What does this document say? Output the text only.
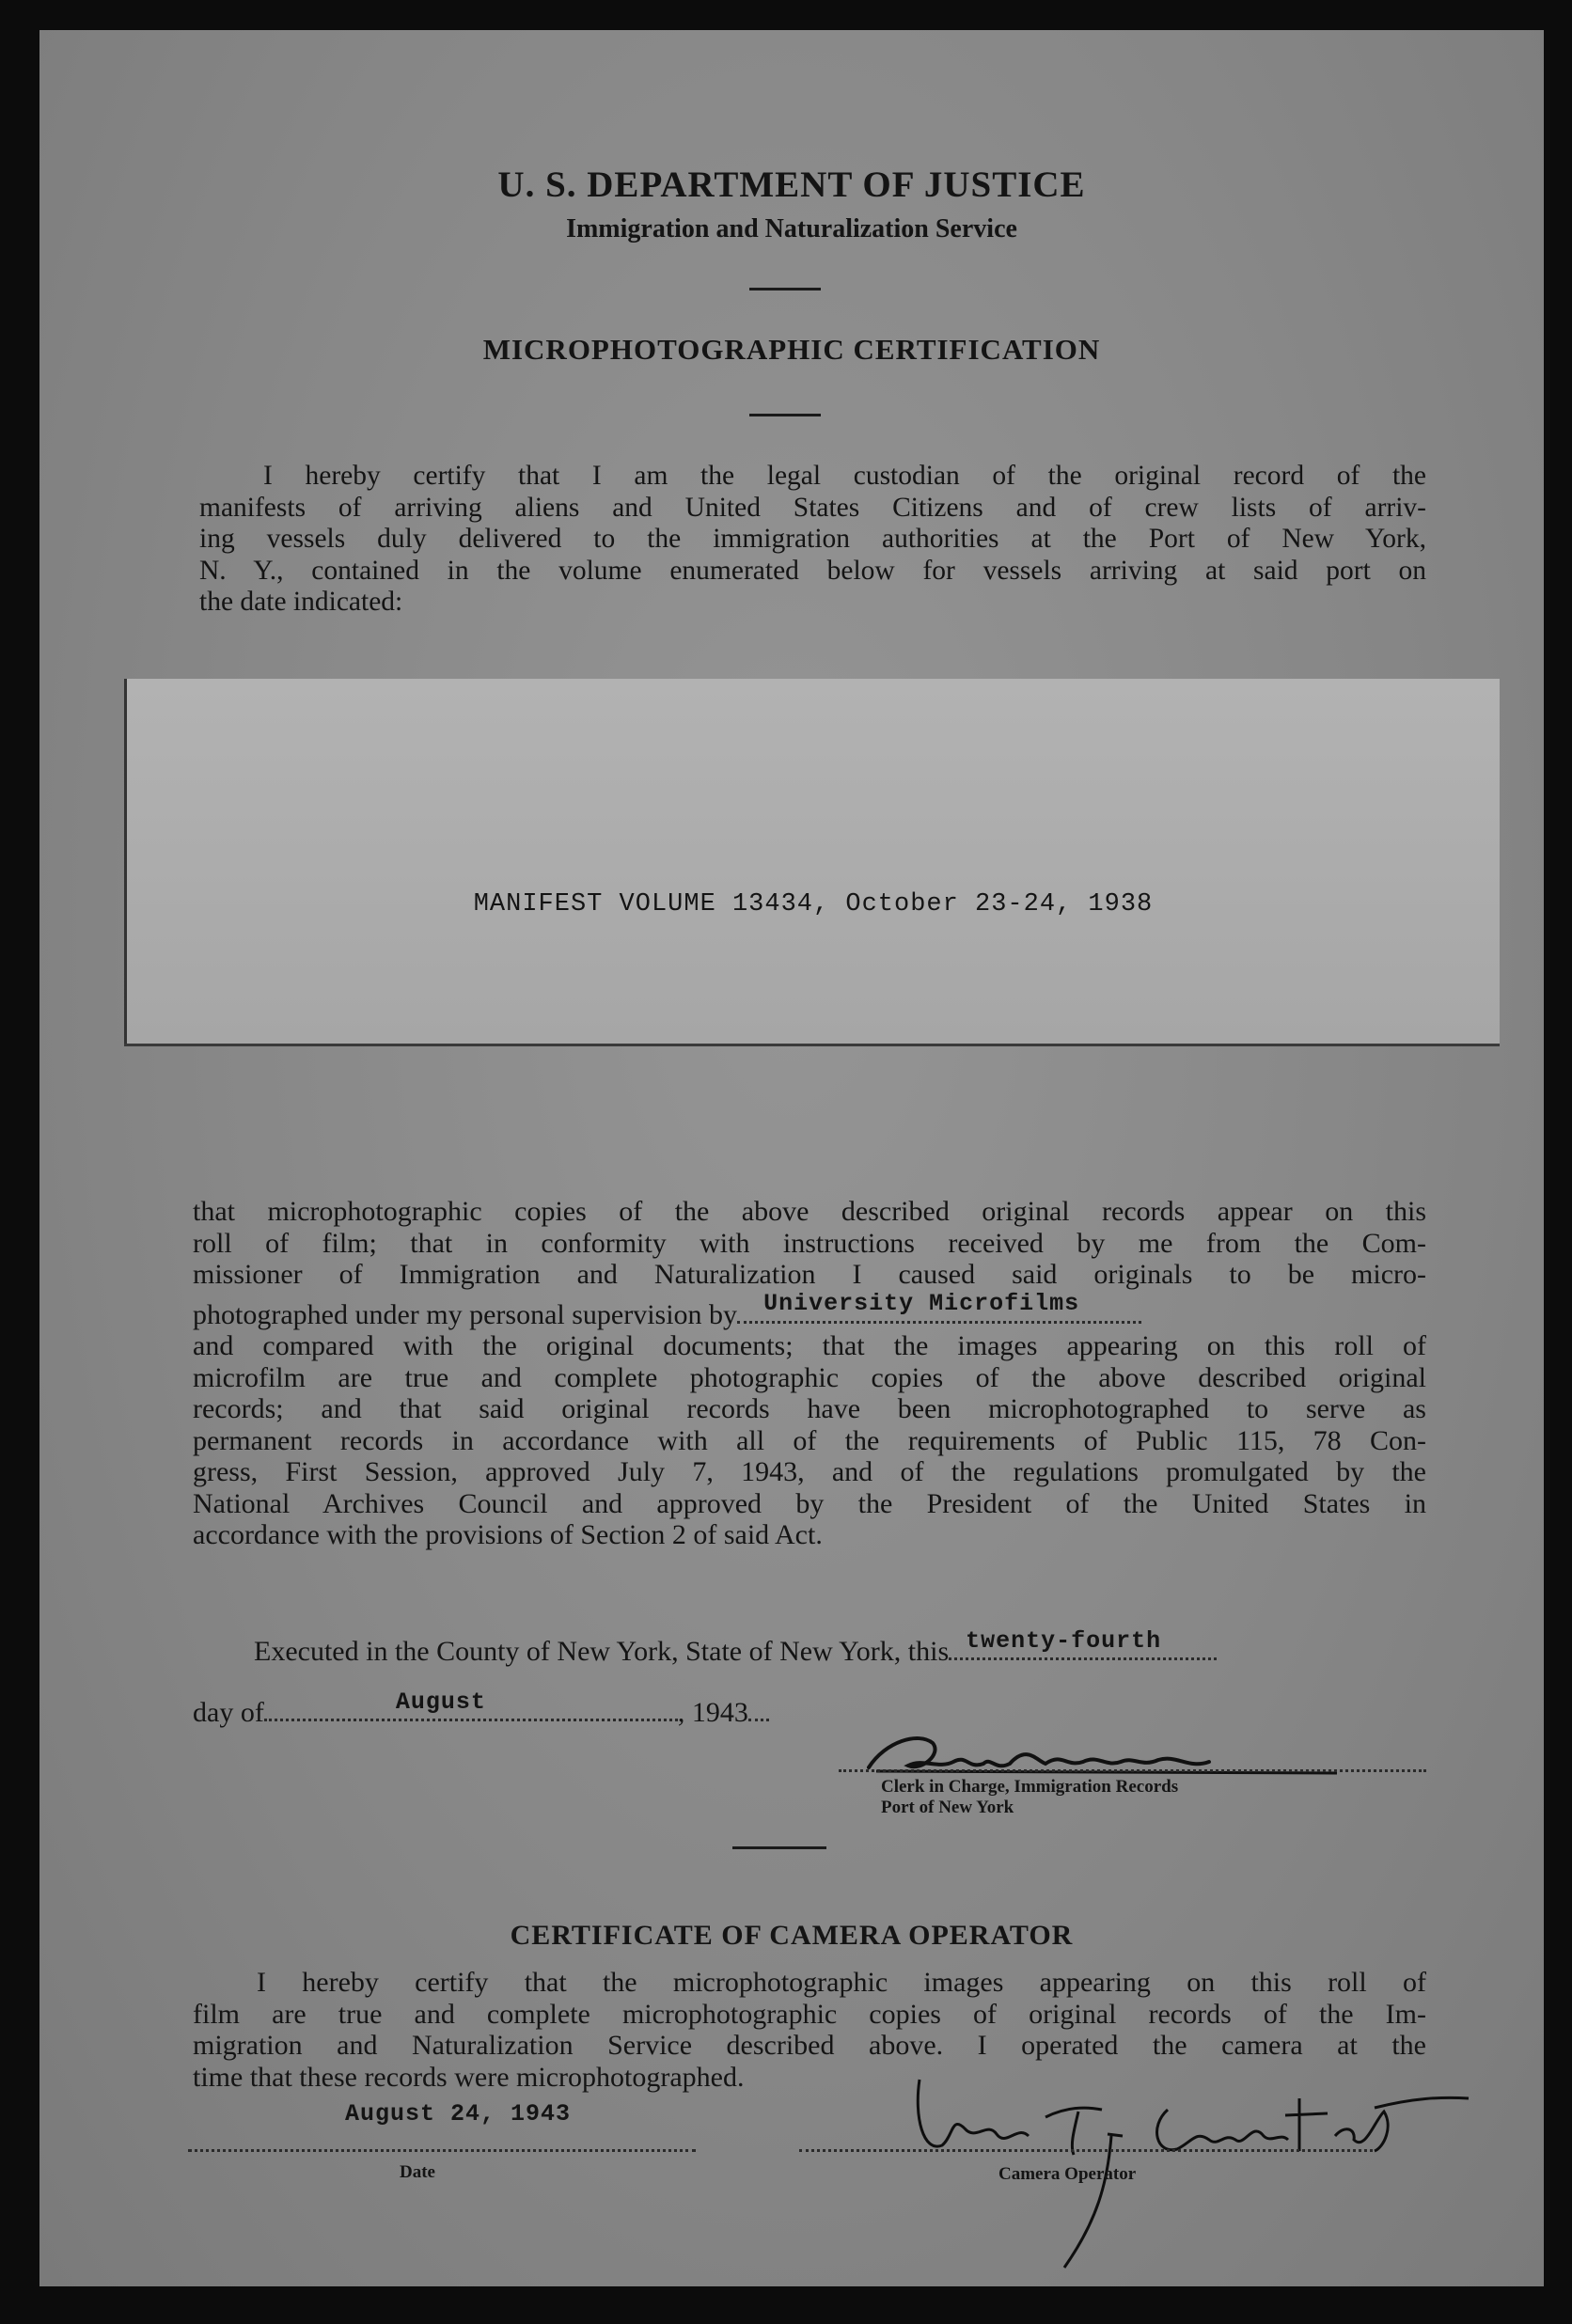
U. S. DEPARTMENT OF JUSTICE
Immigration and Naturalization Service
MICROPHOTOGRAPHIC CERTIFICATION
I hereby certify that I am the legal custodian of the original record of the
manifests of arriving aliens and United States Citizens and of crew lists of arriv-
ing vessels duly delivered to the immigration authorities at the Port of New York,
N. Y., contained in the volume enumerated below for vessels arriving at said port on
the date indicated:
MANIFEST VOLUME 13434, October 23-24, 1938
that microphotographic copies of the above described original records appear on this
roll of film; that in conformity with instructions received by me from the Com-
missioner of Immigration and Naturalization I caused said originals to be micro-
photographed under my personal supervision by University Microfilms
and compared with the original documents; that the images appearing on this roll of
microfilm are true and complete photographic copies of the above described original
records; and that said original records have been microphotographed to serve as
permanent records in accordance with all of the requirements of Public 115, 78 Con-
gress, First Session, approved July 7, 1943, and of the regulations promulgated by the
National Archives Council and approved by the President of the United States in
accordance with the provisions of Section 2 of said Act.
Executed in the County of New York, State of New York, this twenty-fourth
day of	August	, 1943
Clerk in Charge, Immigration Records
Port of New York
CERTIFICATE OF CAMERA OPERATOR
I hereby certify that the microphotographic images appearing on this roll of
film are true and complete microphotographic copies of original records of the Im-
migration and Naturalization Service described above. I operated the camera at the
time that these records were microphotographed.
August 24, 1943
Date	Camera Operator
